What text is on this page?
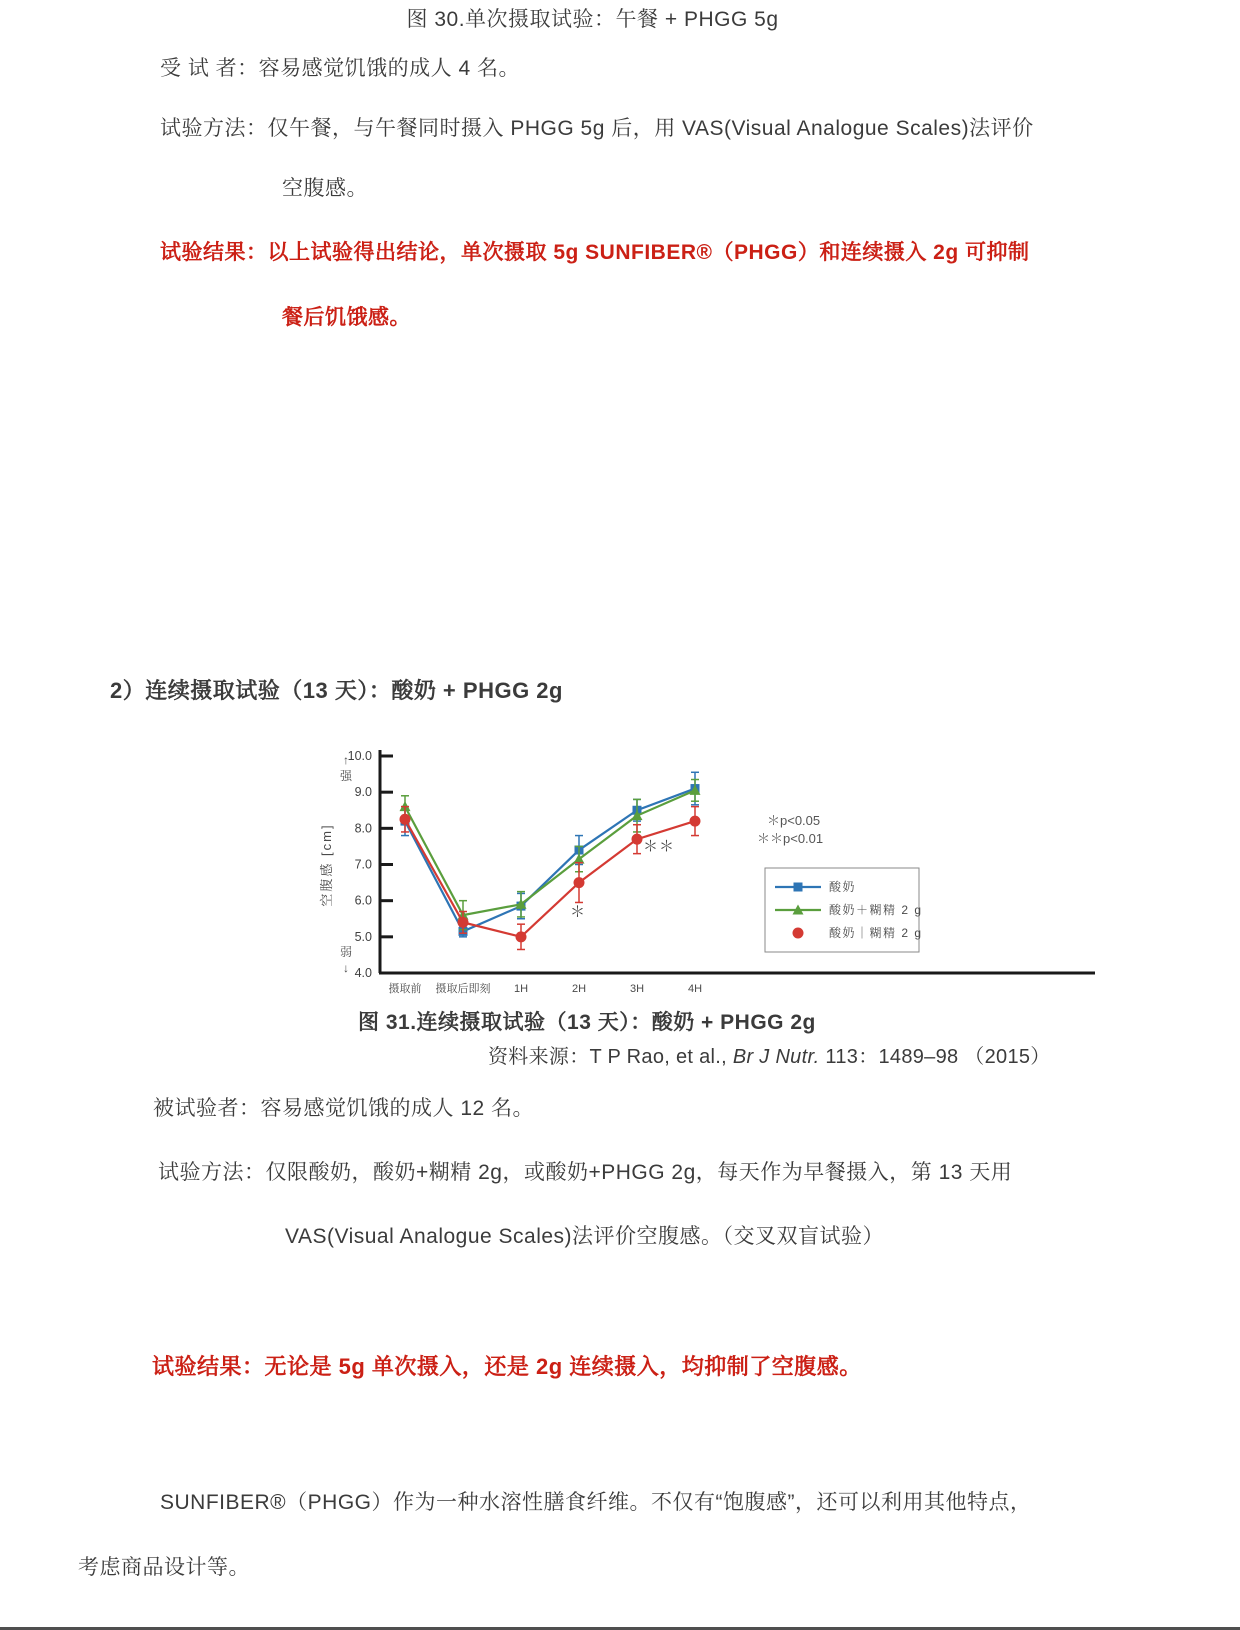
图 30.单次摄取试验：午餐 + PHGG 5g
受 试 者：容易感觉饥饿的成人 4 名。
试验方法：仅午餐，与午餐同时摄入 PHGG 5g 后，用 VAS(Visual Analogue Scales)法评价
空腹感。
试验结果：以上试验得出结论，单次摄取 5g SUNFIBER®（PHGG）和连续摄入 2g 可抑制
餐后饥饿感。
2）连续摄取试验（13 天）：酸奶 + PHGG 2g
10.0
9.0
8.0
7.0
6.0
5.0
4.0
空腹感 [cm]
↑
强
弱
↓
摄取前 摄取后即刻 1H	2H	3H	4H
＊p<0.05
＊＊p<0.01
＊
＊＊
酸奶
酸奶＋糊精 2 g
酸奶｜糊精 2 g
图 31.连续摄取试验（13 天）：酸奶 + PHGG 2g
资料来源：T P Rao, et al., Br J Nutr. 113：1489–98 （2015）
被试验者：容易感觉饥饿的成人 12 名。
试验方法：仅限酸奶，酸奶+糊精 2g，或酸奶+PHGG 2g，每天作为早餐摄入，第 13 天用
VAS(Visual Analogue Scales)法评价空腹感。（交叉双盲试验）
试验结果：无论是 5g 单次摄入，还是 2g 连续摄入，均抑制了空腹感。
SUNFIBER®（PHGG）作为一种水溶性膳食纤维。不仅有“饱腹感”，还可以利用其他特点，
考虑商品设计等。
